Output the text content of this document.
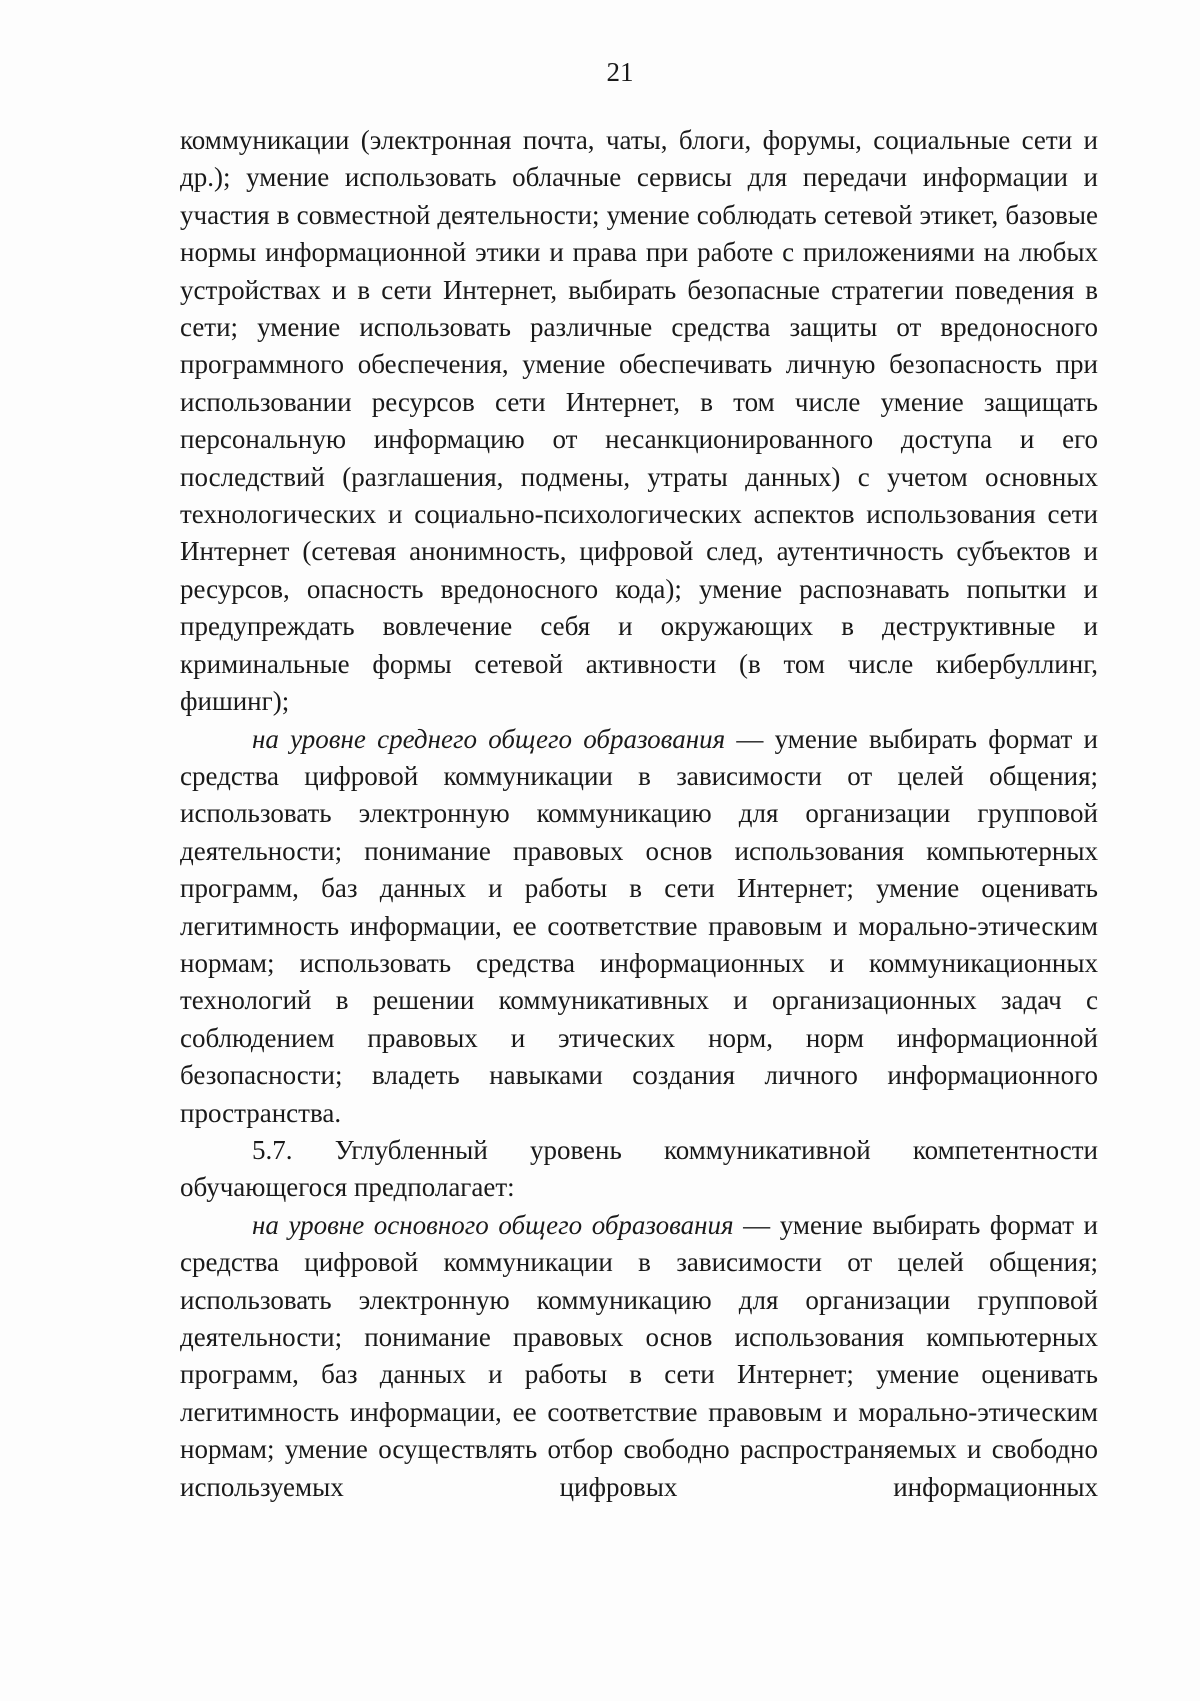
21

коммуникации (электронная почта, чаты, блоги, форумы, социальные сети и др.); умение использовать облачные сервисы для передачи информации и участия в совместной деятельности; умение соблюдать сетевой этикет, базовые нормы информационной этики и права при работе с приложениями на любых устройствах и в сети Интернет, выбирать безопасные стратегии поведения в сети; умение использовать различные средства защиты от вредоносного программного обеспечения, умение обеспечивать личную безопасность при использовании ресурсов сети Интернет, в том числе умение защищать персональную информацию от несанкционированного доступа и его последствий (разглашения, подмены, утраты данных) с учетом основных технологических и социально-психологических аспектов использования сети Интернет (сетевая анонимность, цифровой след, аутентичность субъектов и ресурсов, опасность вредоносного кода); умение распознавать попытки и предупреждать вовлечение себя и окружающих в деструктивные и криминальные формы сетевой активности (в том числе кибербуллинг, фишинг);

на уровне среднего общего образования — умение выбирать формат и средства цифровой коммуникации в зависимости от целей общения; использовать электронную коммуникацию для организации групповой деятельности; понимание правовых основ использования компьютерных программ, баз данных и работы в сети Интернет; умение оценивать легитимность информации, ее соответствие правовым и морально-этическим нормам; использовать средства информационных и коммуникационных технологий в решении коммуникативных и организационных задач с соблюдением правовых и этических норм, норм информационной безопасности; владеть навыками создания личного информационного пространства.

5.7. Углубленный уровень коммуникативной компетентности обучающегося предполагает:

на уровне основного общего образования — умение выбирать формат и средства цифровой коммуникации в зависимости от целей общения; использовать электронную коммуникацию для организации групповой деятельности; понимание правовых основ использования компьютерных программ, баз данных и работы в сети Интернет; умение оценивать легитимность информации, ее соответствие правовым и морально-этическим нормам; умение осуществлять отбор свободно распространяемых и свободно используемых цифровых информационных
